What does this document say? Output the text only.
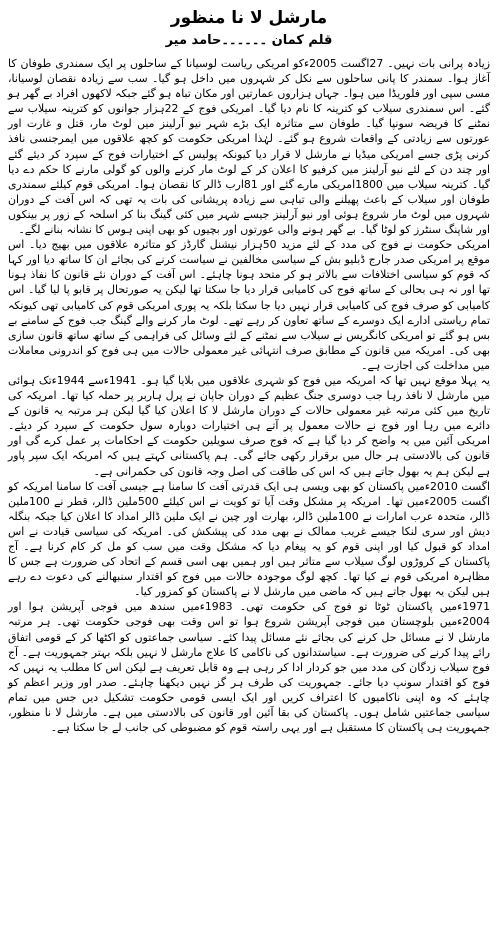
مارشل لا نا منظور
قلم کمان ۔۔۔۔۔۔حامد میر

زیادہ پرانی بات نہیں۔ 27اگست 2005ءکو امریکی ریاست لوسیانا کے ساحلوں پر ایک سمندری طوفان کا آغاز ہوا۔ سمندر کا پانی ساحلوں سے نکل کر شہروں میں داخل ہو گیا۔ سب سے زیادہ نقصان لوسیانا، مسی سپی اور فلوریڈا میں ہوا۔ جہاں ہزاروں عمارتیں اور مکان تباہ ہو گئے جبکہ لاکھوں افراد بے گھر ہو گئے۔ اس سمندری سیلاب کو کترینہ کا نام دیا گیا۔ امریکی فوج کے 22ہزار جوانوں کو کترینہ سیلاب سے نمٹنے کا فریضہ سونپا گیا۔ طوفان سے متاثرہ ایک بڑے شہر نیو آرلینز میں لوٹ مار، قتل و غارت اور عورتوں سے زیادتی کے واقعات شروع ہو گئے۔ لہٰذا امریکی حکومت کو کچھ علاقوں میں ایمرجنسی نافذ کرنی پڑی جسے امریکی میڈیا نے مارشل لا قرار دیا کیونکہ پولیس کے اختیارات فوج کے سپرد کر دیئے گئے اور چند دن کے لئے نیو آرلینز میں کرفیو کا اعلان کر کے لوٹ مار کرنے والوں کو گولی مارنے کا حکم دے دیا گیا۔ کترینہ سیلاب میں 1800امریکی مارے گئے اور 81ارب ڈالر کا نقصان ہوا۔ امریکی قوم کیلئے سمندری طوفان اور سیلاب کے باعث پھیلنے والی تباہی سے زیادہ پریشانی کی بات یہ تھی کہ اس آفت کے دوران شہروں میں لوٹ مار شروع ہوئی اور نیو آرلینز جیسے شہر میں کئی گینگ بنا کر اسلحہ کے زور پر بینکوں اور شاپنگ سنٹرز کو لوٹا گیا۔ بے گھر ہونے والی عورتوں اور بچیوں کو بھی اپنی ہوس کا نشانہ بنانے لگے۔

امریکی حکومت نے فوج کی مدد کے لئے مزید 50ہزار نیشنل گارڈز کو متاثرہ علاقوں میں بھیج دیا۔ اس موقع پر امریکی صدر جارج ڈبلیو بش کے سیاسی مخالفین نے سیاست کرنے کی بجائے ان کا ساتھ دیا اور کہا کہ قوم کو سیاسی اختلافات سے بالاتر ہو کر متحد ہونا چاہئے۔ اس آفت کے دوران نئے قانون کا نفاذ ہونا تھا اور نہ ہی بحالی کے ساتھ فوج کی کامیابی قرار دیا جا سکتا تھا لیکن یہ صورتحال پر قابو پا لیا گیا۔ اس کامیابی کو صرف فوج کی کامیابی قرار نہیں دیا جا سکتا بلکہ یہ پوری امریکی قوم کی کامیابی تھی کیونکہ تمام ریاستی ادارے ایک دوسرے کے ساتھ تعاون کر رہے تھے۔ لوٹ مار کرنے والے گینگ جب فوج کے سامنے بے بس ہو گئے تو امریکی کانگریس نے سیلاب سے نمٹنے کے لئے وسائل کی فراہمی کے ساتھ ساتھ قانون سازی بھی کی۔ امریکہ میں قانون کے مطابق صرف انتہائی غیر معمولی حالات میں ہی فوج کو اندرونی معاملات میں مداخلت کی اجازت ہے۔

یہ پہلا موقع نہیں تھا کہ امریکہ میں فوج کو شہری علاقوں میں بلایا گیا ہو۔ 1941ءسے 1944ءتک ہوائی میں مارشل لا نافذ رہا جب دوسری جنگ عظیم کے دوران جاپان نے پرل ہاربر پر حملہ کیا تھا۔ امریکہ کی تاریخ میں کئی مرتبہ غیر معمولی حالات کے دوران مارشل لا کا اعلان کیا گیا لیکن ہر مرتبہ یہ قانون کے دائرے میں رہا اور فوج نے حالات معمول پر آتے ہی اختیارات دوبارہ سول حکومت کے سپرد کر دیئے۔ امریکی آئین میں یہ واضح کر دیا گیا ہے کہ فوج صرف سویلین حکومت کے احکامات پر عمل کرے گی اور قانون کی بالادستی ہر حال میں برقرار رکھی جائے گی۔ ہم پاکستانی کہتے ہیں کہ امریکہ ایک سپر پاور ہے لیکن ہم یہ بھول جاتے ہیں کہ اس کی طاقت کی اصل وجہ قانون کی حکمرانی ہے۔

اگست 2010ءمیں پاکستان کو بھی ویسی ہی ایک قدرتی آفت کا سامنا ہے جیسی آفت کا سامنا امریکہ کو اگست 2005ءمیں تھا۔ امریکہ پر مشکل وقت آیا تو کویت نے اس کیلئے 500ملین ڈالر، قطر نے 100ملین ڈالر، متحدہ عرب امارات نے 100ملین ڈالر، بھارت اور چین نے ایک ملین ڈالر امداد کا اعلان کیا جبکہ بنگلہ دیش اور سری لنکا جیسے غریب ممالک نے بھی مدد کی پیشکش کی۔ امریکہ کی سیاسی قیادت نے اس امداد کو قبول کیا اور اپنی قوم کو یہ پیغام دیا کہ مشکل وقت میں سب کو مل کر کام کرنا ہے۔ آج پاکستان کے کروڑوں لوگ سیلاب سے متاثر ہیں اور ہمیں بھی اسی قسم کے اتحاد کی ضرورت ہے جس کا مظاہرہ امریکی قوم نے کیا تھا۔ کچھ لوگ موجودہ حالات میں فوج کو اقتدار سنبھالنے کی دعوت دے رہے ہیں لیکن یہ بھول جاتے ہیں کہ ماضی میں مارشل لا نے پاکستان کو کمزور کیا۔

1971ءمیں پاکستان ٹوٹا تو فوج کی حکومت تھی۔ 1983ءمیں سندھ میں فوجی آپریشن ہوا اور 2004ءمیں بلوچستان میں فوجی آپریشن شروع ہوا تو اس وقت بھی فوجی حکومت تھی۔ ہر مرتبہ مارشل لا نے مسائل حل کرنے کی بجائے نئے مسائل پیدا کئے۔ سیاسی جماعتوں کو اکٹھا کر کے قومی اتفاق رائے پیدا کرنے کی ضرورت ہے۔ سیاستدانوں کی ناکامی کا علاج مارشل لا نہیں بلکہ بہتر جمہوریت ہے۔ آج فوج سیلاب زدگان کی مدد میں جو کردار ادا کر رہی ہے وہ قابل تعریف ہے لیکن اس کا مطلب یہ نہیں کہ فوج کو اقتدار سونپ دیا جائے۔ جمہوریت کی طرف ہر گز نہیں دیکھنا چاہئے۔ صدر اور وزیر اعظم کو چاہئے کہ وہ اپنی ناکامیوں کا اعتراف کریں اور ایک ایسی قومی حکومت تشکیل دیں جس میں تمام سیاسی جماعتیں شامل ہوں۔ پاکستان کی بقا آئین اور قانون کی بالادستی میں ہے۔ مارشل لا نا منظور، جمہوریت ہی پاکستان کا مستقبل ہے اور یہی راستہ قوم کو مضبوطی کی جانب لے جا سکتا ہے۔
